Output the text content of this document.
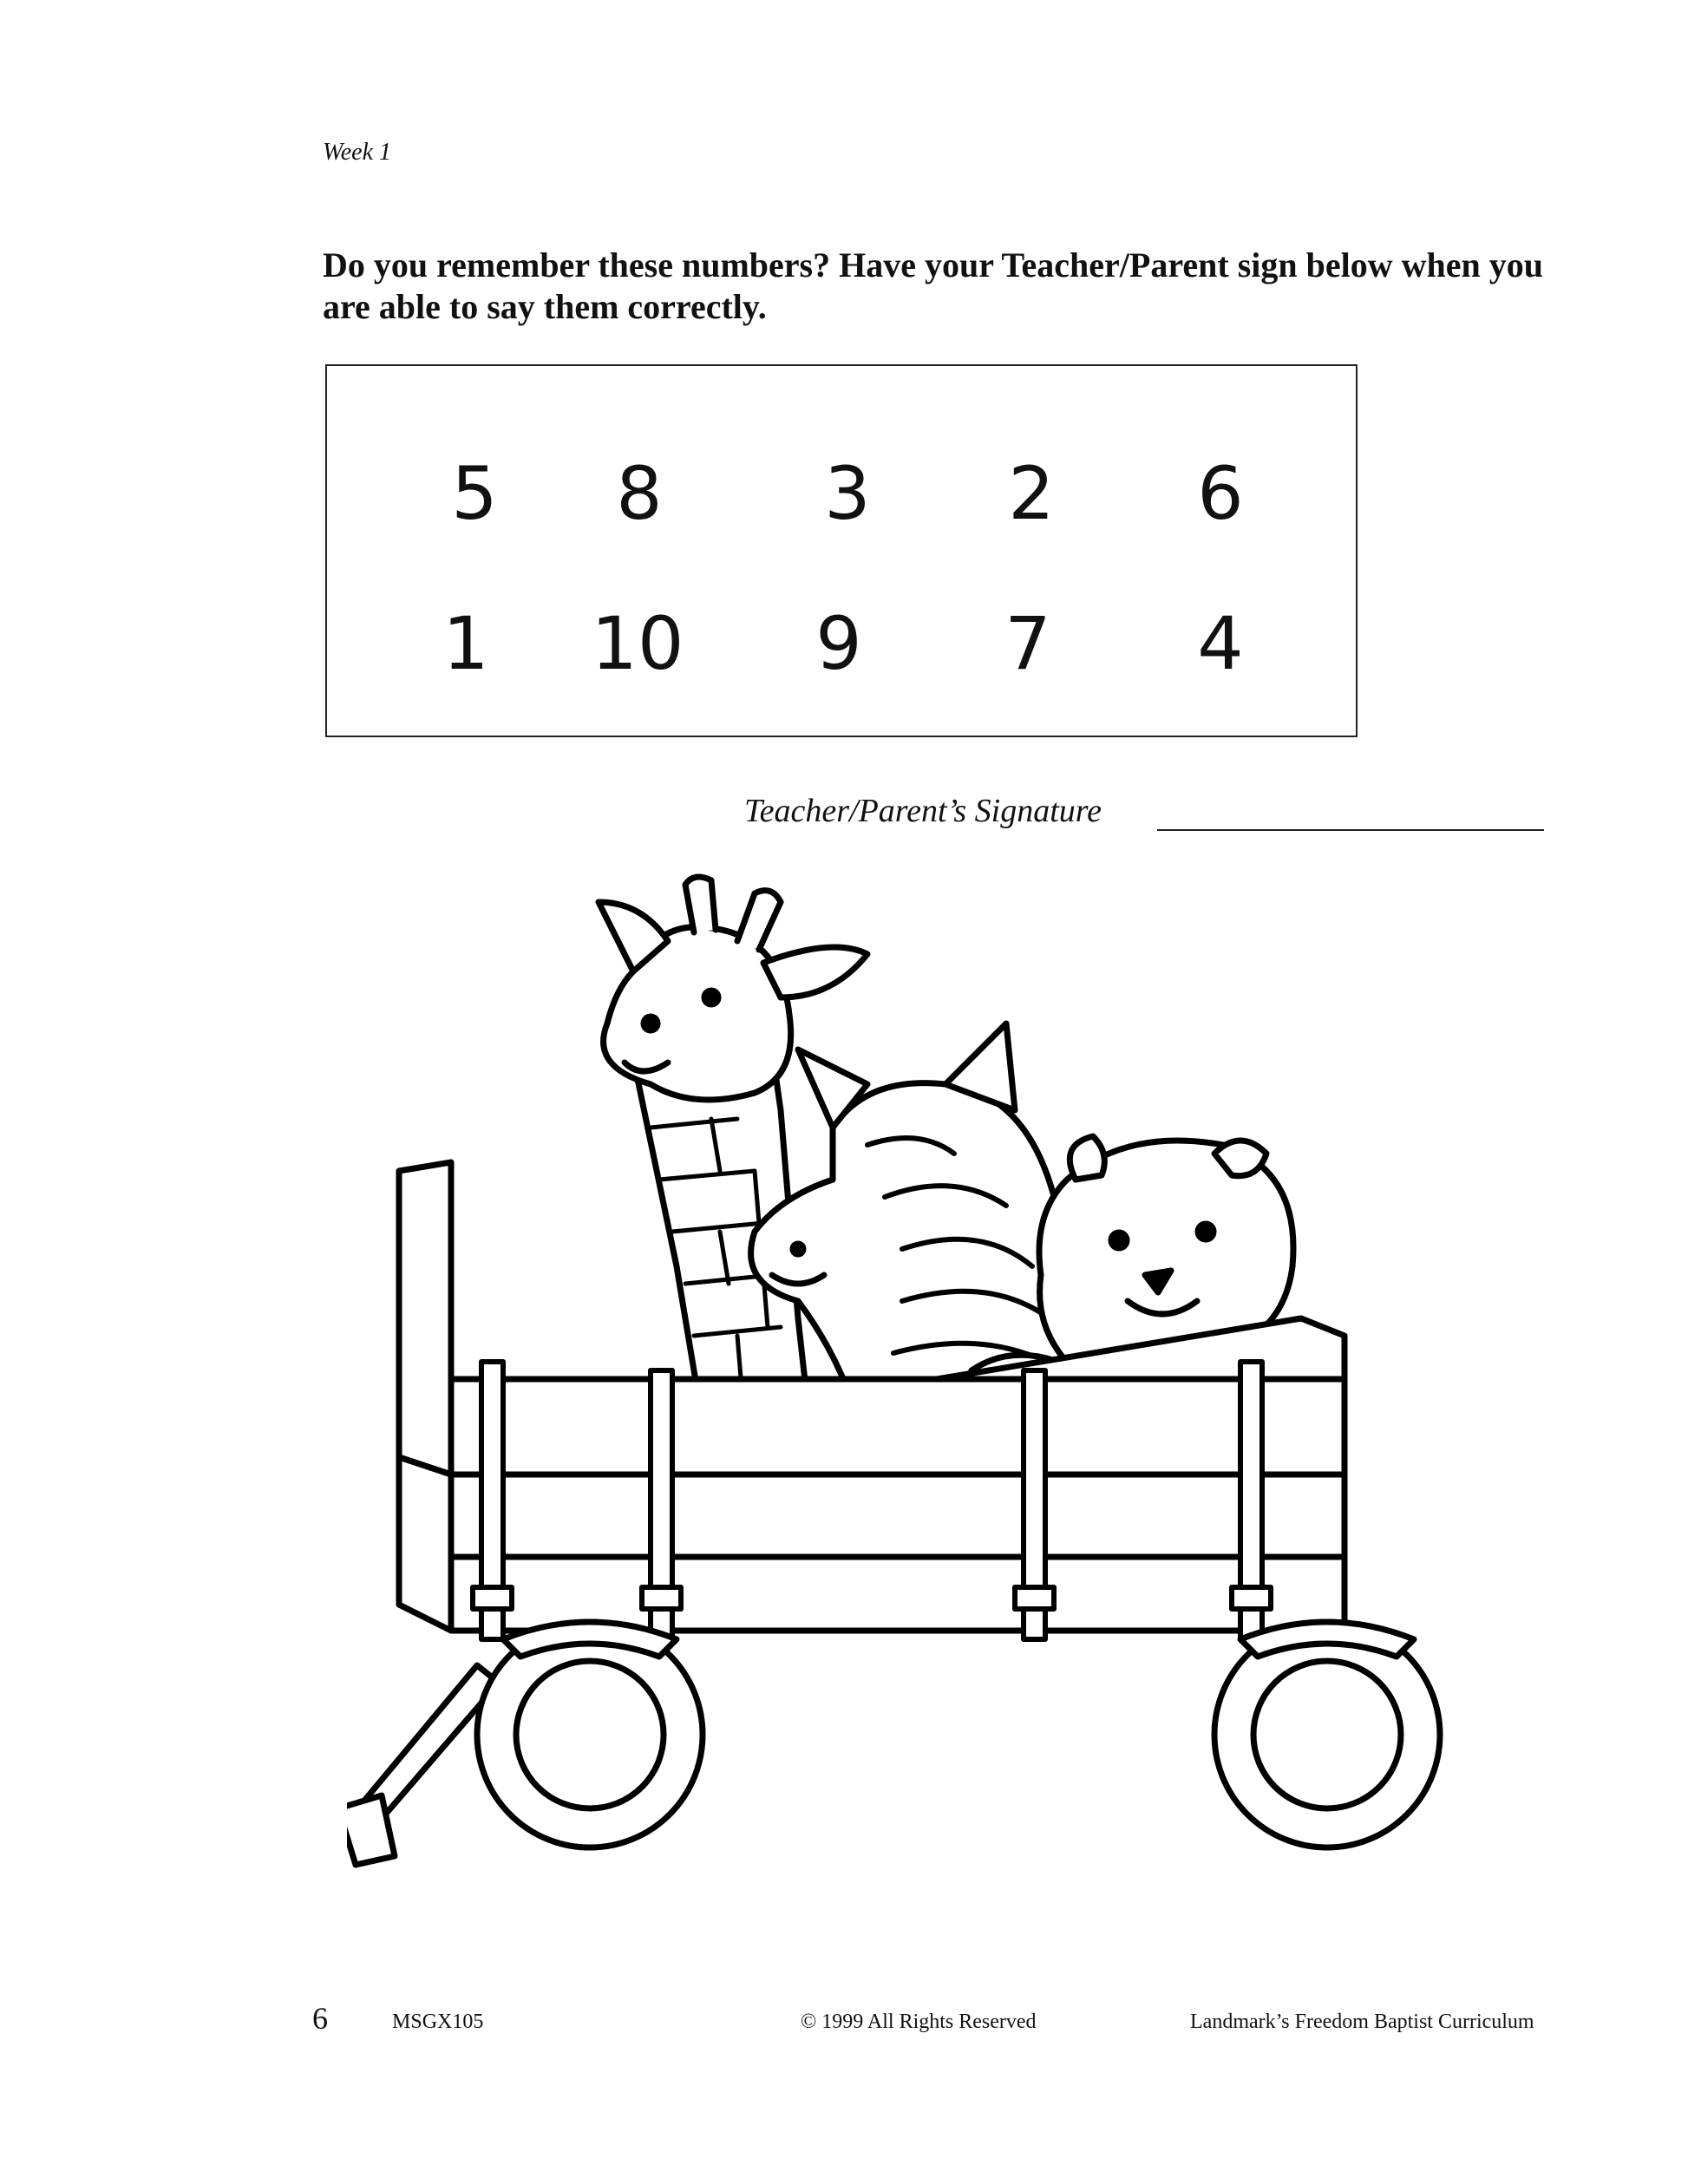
Week 1
Do you remember these numbers? Have your Teacher/Parent sign below when you are able to say them correctly.
5 8 3 2 6
1 10 9 7 4
Teacher/Parent’s Signature
6	MSGX105	© 1999 All Rights Reserved	Landmark’s Freedom Baptist Curriculum
